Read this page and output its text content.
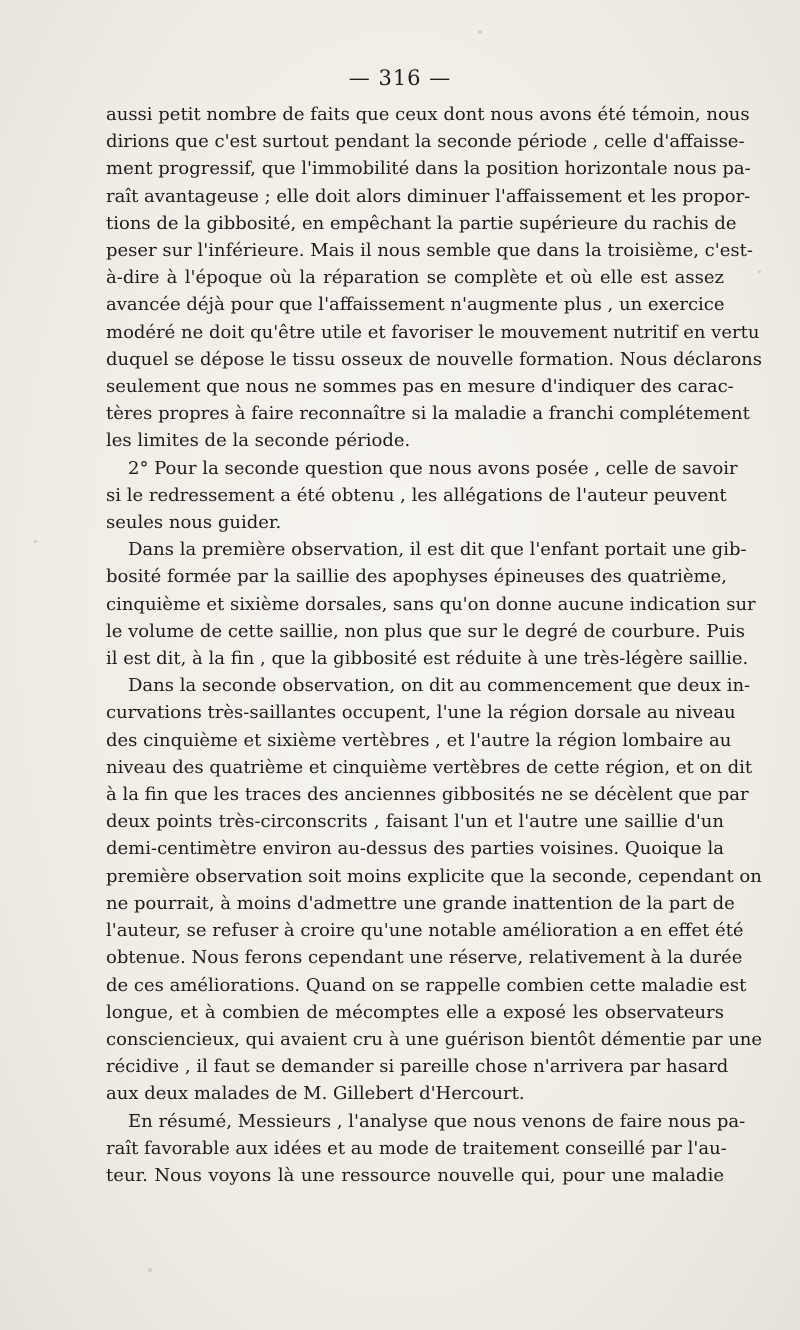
— 316 —

aussi petit nombre de faits que ceux dont nous avons été témoin, nous
dirions que c'est surtout pendant la seconde période , celle d'affaisse-
ment progressif, que l'immobilité dans la position horizontale nous pa-
raît avantageuse ; elle doit alors diminuer l'affaissement et les propor-
tions de la gibbosité, en empêchant la partie supérieure du rachis de
peser sur l'inférieure. Mais il nous semble que dans la troisième, c'est-
à-dire à l'époque où la réparation se complète et où elle est assez
avancée déjà pour que l'affaissement n'augmente plus , un exercice
modéré ne doit qu'être utile et favoriser le mouvement nutritif en vertu
duquel se dépose le tissu osseux de nouvelle formation. Nous déclarons
seulement que nous ne sommes pas en mesure d'indiquer des carac-
tères propres à faire reconnaître si la maladie a franchi complétement
les limites de la seconde période.

2° Pour la seconde question que nous avons posée , celle de savoir
si le redressement a été obtenu , les allégations de l'auteur peuvent
seules nous guider.

Dans la première observation, il est dit que l'enfant portait une gib-
bosité formée par la saillie des apophyses épineuses des quatrième,
cinquième et sixième dorsales, sans qu'on donne aucune indication sur
le volume de cette saillie, non plus que sur le degré de courbure. Puis
il est dit, à la fin , que la gibbosité est réduite à une très-légère saillie.

Dans la seconde observation, on dit au commencement que deux in-
curvations très-saillantes occupent, l'une la région dorsale au niveau
des cinquième et sixième vertèbres , et l'autre la région lombaire au
niveau des quatrième et cinquième vertèbres de cette région, et on dit
à la fin que les traces des anciennes gibbosités ne se décèlent que par
deux points très-circonscrits , faisant l'un et l'autre une saillie d'un
demi-centimètre environ au-dessus des parties voisines. Quoique la
première observation soit moins explicite que la seconde, cependant on
ne pourrait, à moins d'admettre une grande inattention de la part de
l'auteur, se refuser à croire qu'une notable amélioration a en effet été
obtenue. Nous ferons cependant une réserve, relativement à la durée
de ces améliorations. Quand on se rappelle combien cette maladie est
longue, et à combien de mécomptes elle a exposé les observateurs
consciencieux, qui avaient cru à une guérison bientôt démentie par une
récidive , il faut se demander si pareille chose n'arrivera par hasard
aux deux malades de M. Gillebert d'Hercourt.

En résumé, Messieurs , l'analyse que nous venons de faire nous pa-
raît favorable aux idées et au mode de traitement conseillé par l'au-
teur. Nous voyons là une ressource nouvelle qui, pour une maladie
